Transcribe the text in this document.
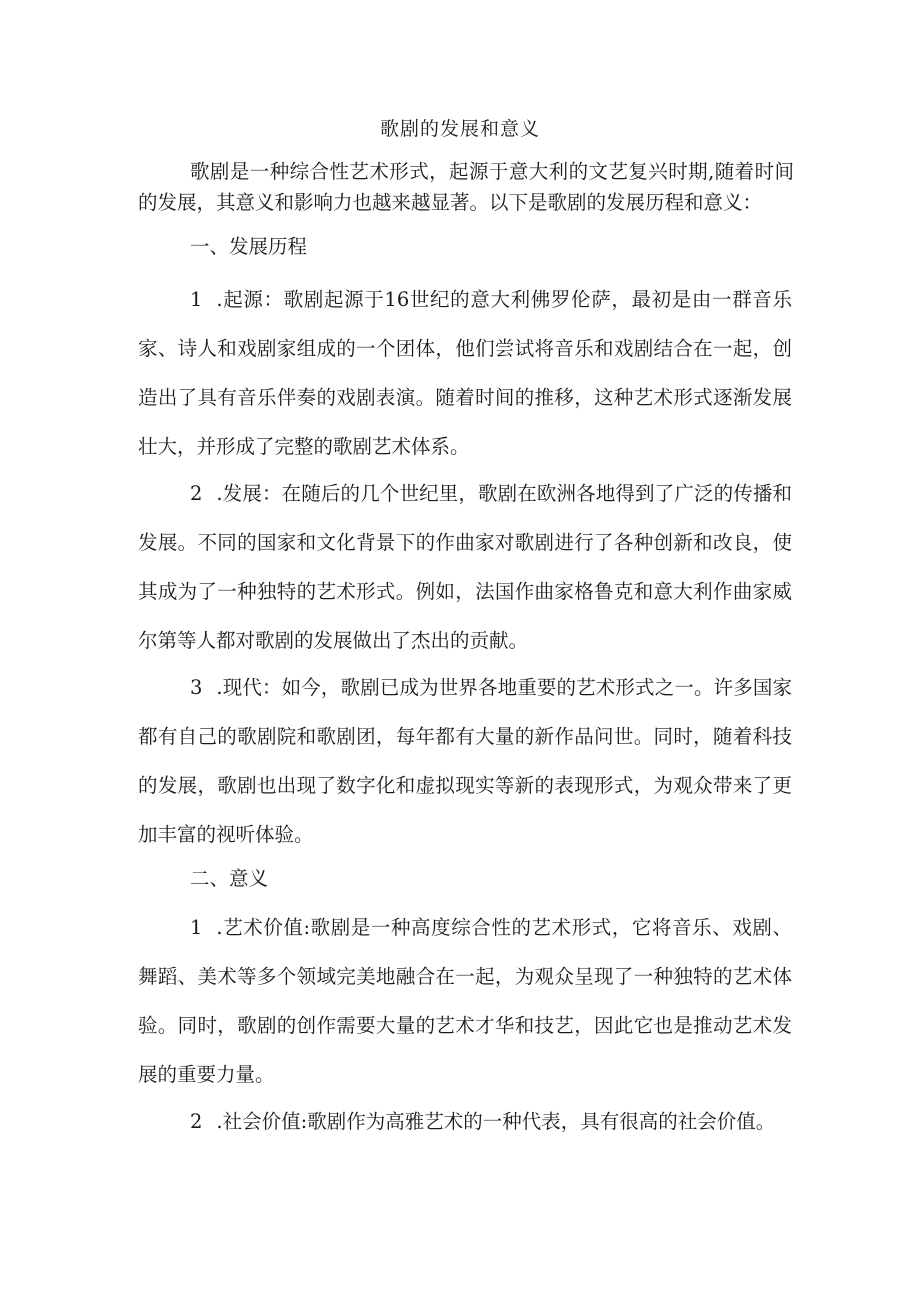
歌剧的发展和意义

歌剧是一种综合性艺术形式，起源于意大利的文艺复兴时期,随着时间的发展，其意义和影响力也越来越显著。以下是歌剧的发展历程和意义：

一、发展历程

1 .起源：歌剧起源于16世纪的意大利佛罗伦萨，最初是由一群音乐家、诗人和戏剧家组成的一个团体，他们尝试将音乐和戏剧结合在一起，创造出了具有音乐伴奏的戏剧表演。随着时间的推移，这种艺术形式逐渐发展壮大，并形成了完整的歌剧艺术体系。

2 .发展：在随后的几个世纪里，歌剧在欧洲各地得到了广泛的传播和发展。不同的国家和文化背景下的作曲家对歌剧进行了各种创新和改良，使其成为了一种独特的艺术形式。例如，法国作曲家格鲁克和意大利作曲家威尔第等人都对歌剧的发展做出了杰出的贡献。

3 .现代：如今，歌剧已成为世界各地重要的艺术形式之一。许多国家都有自己的歌剧院和歌剧团，每年都有大量的新作品问世。同时，随着科技的发展，歌剧也出现了数字化和虚拟现实等新的表现形式，为观众带来了更加丰富的视听体验。

二、意义

1 .艺术价值:歌剧是一种高度综合性的艺术形式，它将音乐、戏剧、舞蹈、美术等多个领域完美地融合在一起，为观众呈现了一种独特的艺术体验。同时，歌剧的创作需要大量的艺术才华和技艺，因此它也是推动艺术发展的重要力量。

2 .社会价值:歌剧作为高雅艺术的一种代表，具有很高的社会价值。
